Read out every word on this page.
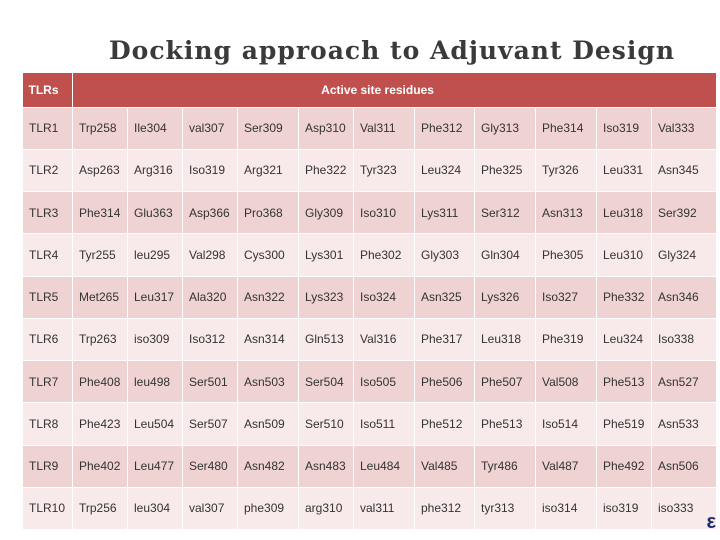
Docking approach to Adjuvant Design
TLRs	Active site residues										
TLR1	Trp258	Ile304	val307	Ser309	Asp310	Val311	Phe312	Gly313	Phe314	Iso319	Val333
TLR2	Asp263	Arg316	Iso319	Arg321	Phe322	Tyr323	Leu324	Phe325	Tyr326	Leu331	Asn345
TLR3	Phe314	Glu363	Asp366	Pro368	Gly309	Iso310	Lys311	Ser312	Asn313	Leu318	Ser392
TLR4	Tyr255	leu295	Val298	Cys300	Lys301	Phe302	Gly303	Gln304	Phe305	Leu310	Gly324
TLR5	Met265	Leu317	Ala320	Asn322	Lys323	Iso324	Asn325	Lys326	Iso327	Phe332	Asn346
TLR6	Trp263	iso309	Iso312	Asn314	Gln513	Val316	Phe317	Leu318	Phe319	Leu324	Iso338
TLR7	Phe408	leu498	Ser501	Asn503	Ser504	Iso505	Phe506	Phe507	Val508	Phe513	Asn527
TLR8	Phe423	Leu504	Ser507	Asn509	Ser510	Iso511	Phe512	Phe513	Iso514	Phe519	Asn533
TLR9	Phe402	Leu477	Ser480	Asn482	Asn483	Leu484	Val485	Tyr486	Val487	Phe492	Asn506
TLR10	Trp256	leu304	val307	phe309	arg310	val311	phe312	tyr313	iso314	iso319	iso333
ε
